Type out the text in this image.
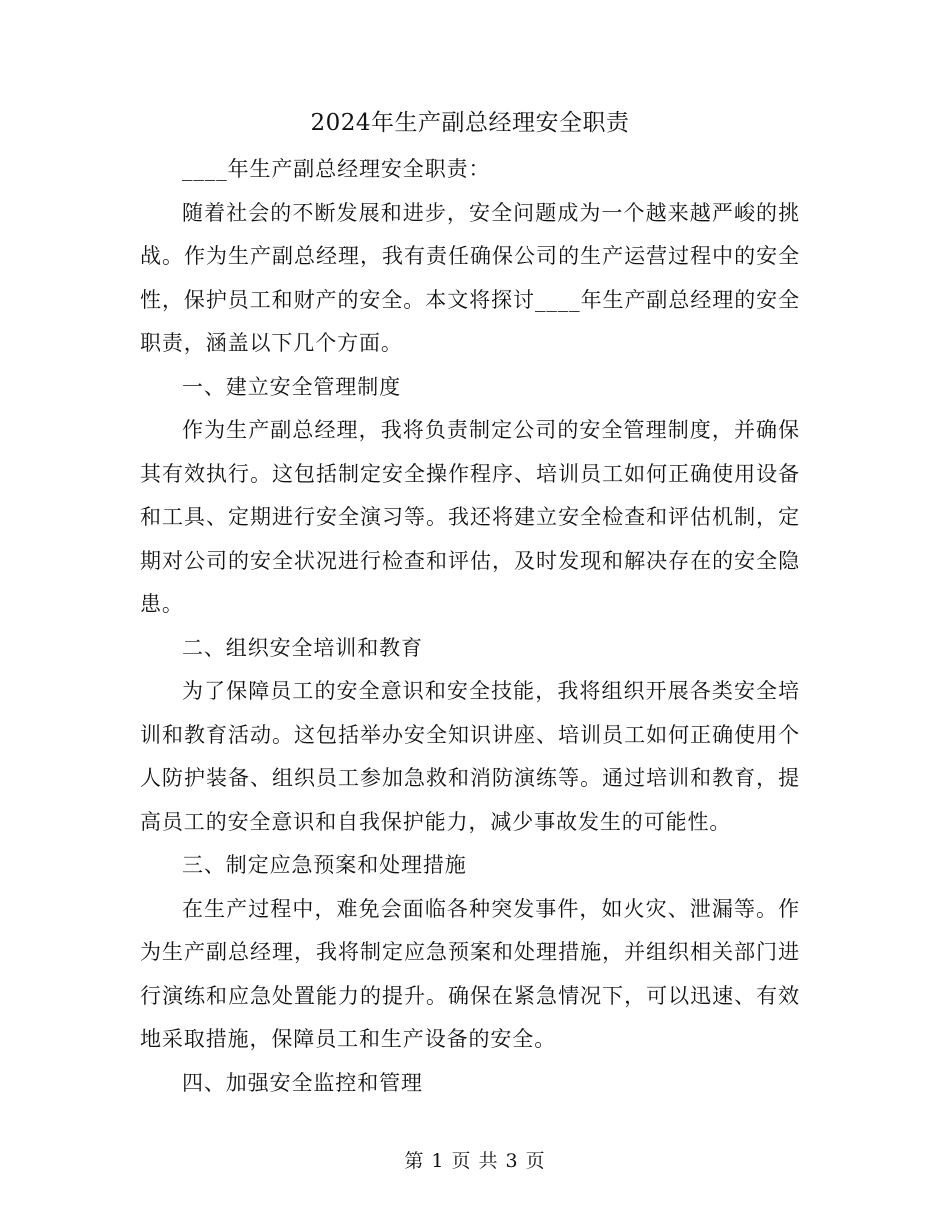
2024年生产副总经理安全职责

____年生产副总经理安全职责：

随着社会的不断发展和进步，安全问题成为一个越来越严峻的挑战。作为生产副总经理，我有责任确保公司的生产运营过程中的安全性，保护员工和财产的安全。本文将探讨____年生产副总经理的安全职责，涵盖以下几个方面。

一、建立安全管理制度

作为生产副总经理，我将负责制定公司的安全管理制度，并确保其有效执行。这包括制定安全操作程序、培训员工如何正确使用设备和工具、定期进行安全演习等。我还将建立安全检查和评估机制，定期对公司的安全状况进行检查和评估，及时发现和解决存在的安全隐患。

二、组织安全培训和教育

为了保障员工的安全意识和安全技能，我将组织开展各类安全培训和教育活动。这包括举办安全知识讲座、培训员工如何正确使用个人防护装备、组织员工参加急救和消防演练等。通过培训和教育，提高员工的安全意识和自我保护能力，减少事故发生的可能性。

三、制定应急预案和处理措施

在生产过程中，难免会面临各种突发事件，如火灾、泄漏等。作为生产副总经理，我将制定应急预案和处理措施，并组织相关部门进行演练和应急处置能力的提升。确保在紧急情况下，可以迅速、有效地采取措施，保障员工和生产设备的安全。

四、加强安全监控和管理

第 1 页 共 3 页
